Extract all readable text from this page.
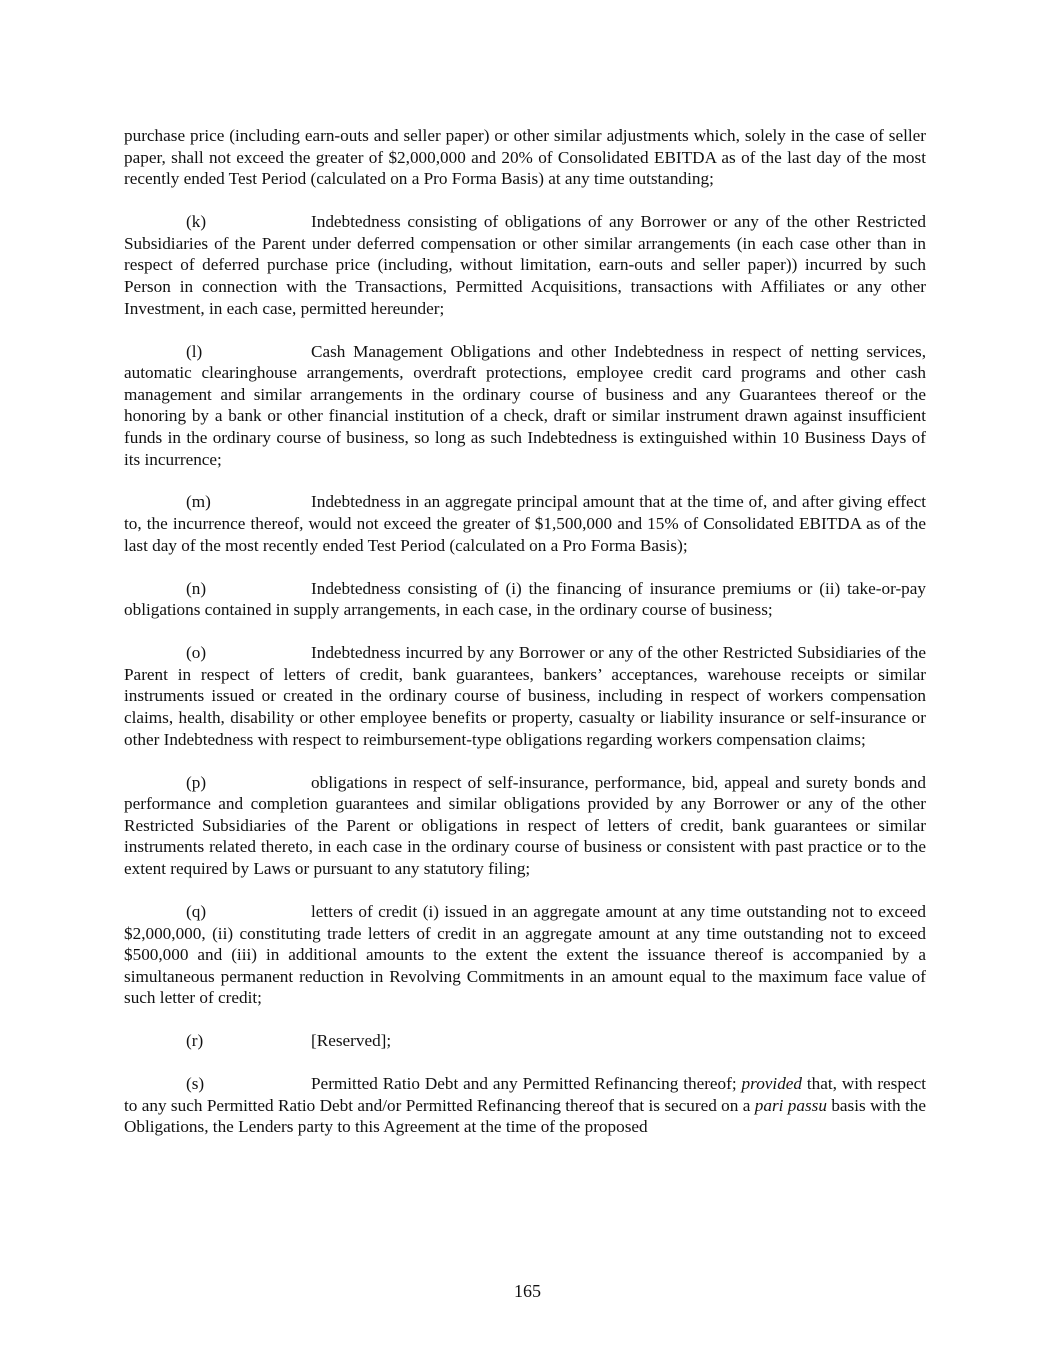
purchase price (including earn-outs and seller paper) or other similar adjustments which, solely in the case of seller paper, shall not exceed the greater of $2,000,000 and 20% of Consolidated EBITDA as of the last day of the most recently ended Test Period (calculated on a Pro Forma Basis) at any time outstanding;

(k)	Indebtedness consisting of obligations of any Borrower or any of the other Restricted Subsidiaries of the Parent under deferred compensation or other similar arrangements (in each case other than in respect of deferred purchase price (including, without limitation, earn-outs and seller paper)) incurred by such Person in connection with the Transactions, Permitted Acquisitions, transactions with Affiliates or any other Investment, in each case, permitted hereunder;

(l)	Cash Management Obligations and other Indebtedness in respect of netting services, automatic clearinghouse arrangements, overdraft protections, employee credit card programs and other cash management and similar arrangements in the ordinary course of business and any Guarantees thereof or the honoring by a bank or other financial institution of a check, draft or similar instrument drawn against insufficient funds in the ordinary course of business, so long as such Indebtedness is extinguished within 10 Business Days of its incurrence;

(m)	Indebtedness in an aggregate principal amount that at the time of, and after giving effect to, the incurrence thereof, would not exceed the greater of $1,500,000 and 15% of Consolidated EBITDA as of the last day of the most recently ended Test Period (calculated on a Pro Forma Basis);

(n)	Indebtedness consisting of (i) the financing of insurance premiums or (ii) take-or-pay obligations contained in supply arrangements, in each case, in the ordinary course of business;

(o)	Indebtedness incurred by any Borrower or any of the other Restricted Subsidiaries of the Parent in respect of letters of credit, bank guarantees, bankers’ acceptances, warehouse receipts or similar instruments issued or created in the ordinary course of business, including in respect of workers compensation claims, health, disability or other employee benefits or property, casualty or liability insurance or self-insurance or other Indebtedness with respect to reimbursement-type obligations regarding workers compensation claims;

(p)	obligations in respect of self-insurance, performance, bid, appeal and surety bonds and performance and completion guarantees and similar obligations provided by any Borrower or any of the other Restricted Subsidiaries of the Parent or obligations in respect of letters of credit, bank guarantees or similar instruments related thereto, in each case in the ordinary course of business or consistent with past practice or to the extent required by Laws or pursuant to any statutory filing;

(q)	letters of credit (i) issued in an aggregate amount at any time outstanding not to exceed $2,000,000, (ii) constituting trade letters of credit in an aggregate amount at any time outstanding not to exceed $500,000 and (iii) in additional amounts to the extent the extent the issuance thereof is accompanied by a simultaneous permanent reduction in Revolving Commitments in an amount equal to the maximum face value of such letter of credit;

(r)	[Reserved];

(s)	Permitted Ratio Debt and any Permitted Refinancing thereof; provided that, with respect to any such Permitted Ratio Debt and/or Permitted Refinancing thereof that is secured on a pari passu basis with the Obligations, the Lenders party to this Agreement at the time of the proposed

165
